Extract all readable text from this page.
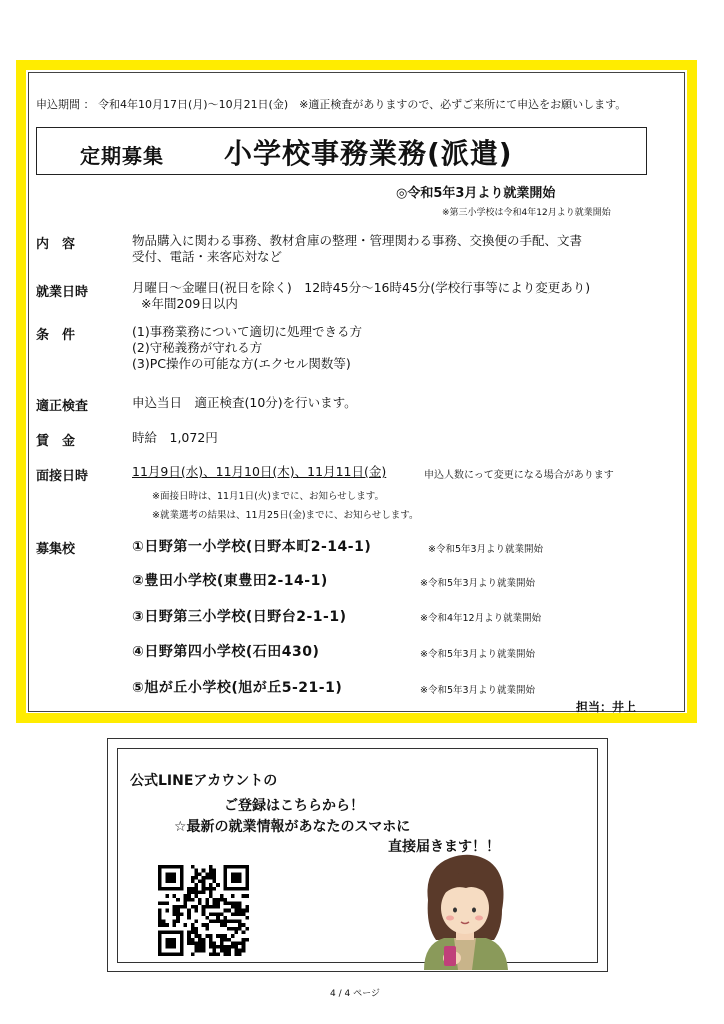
申込期間 ： 令和4年10月17日(月)～10月21日(金)　※適正検査がありますので、必ずご来所にて申込をお願いします。
定期募集 小学校事務業務(派遣)
◎令和5年3月より就業開始
※第三小学校は令和4年12月より就業開始
内　容	物品購入に関わる事務、教材倉庫の整理・管理関わる事務、交換便の手配、文書
受付、電話・来客応対など
就業日時	月曜日～金曜日(祝日を除く)　12時45分～16時45分(学校行事等により変更あり)
※年間209日以内
条　件	(1)事務業務について適切に処理できる方
(2)守秘義務が守れる方
(3)PC操作の可能な方(エクセル関数等)
適正検査	申込当日　適正検査(10分)を行います。
賃　金	時給　1,072円
面接日時	11月9日(水)、11月10日(木)、11月11日(金)	申込人数にって変更になる場合があります
※面接日時は、11月1日(火)までに、お知らせします。
※就業選考の結果は、11月25日(金)までに、お知らせします。
募集校	①日野第一小学校(日野本町2-14-1)	※令和5年3月より就業開始
②豊田小学校(東豊田2-14-1)	※令和5年3月より就業開始
③日野第三小学校(日野台2-1-1)	※令和4年12月より就業開始
④日野第四小学校(石田430)	※令和5年3月より就業開始
⑤旭が丘小学校(旭が丘5-21-1)	※令和5年3月より就業開始
担当：井上
公式LINEアカウントの
ご登録はこちらから！
☆最新の就業情報があなたのスマホに
直接届きます！！
4 / 4 ページ
